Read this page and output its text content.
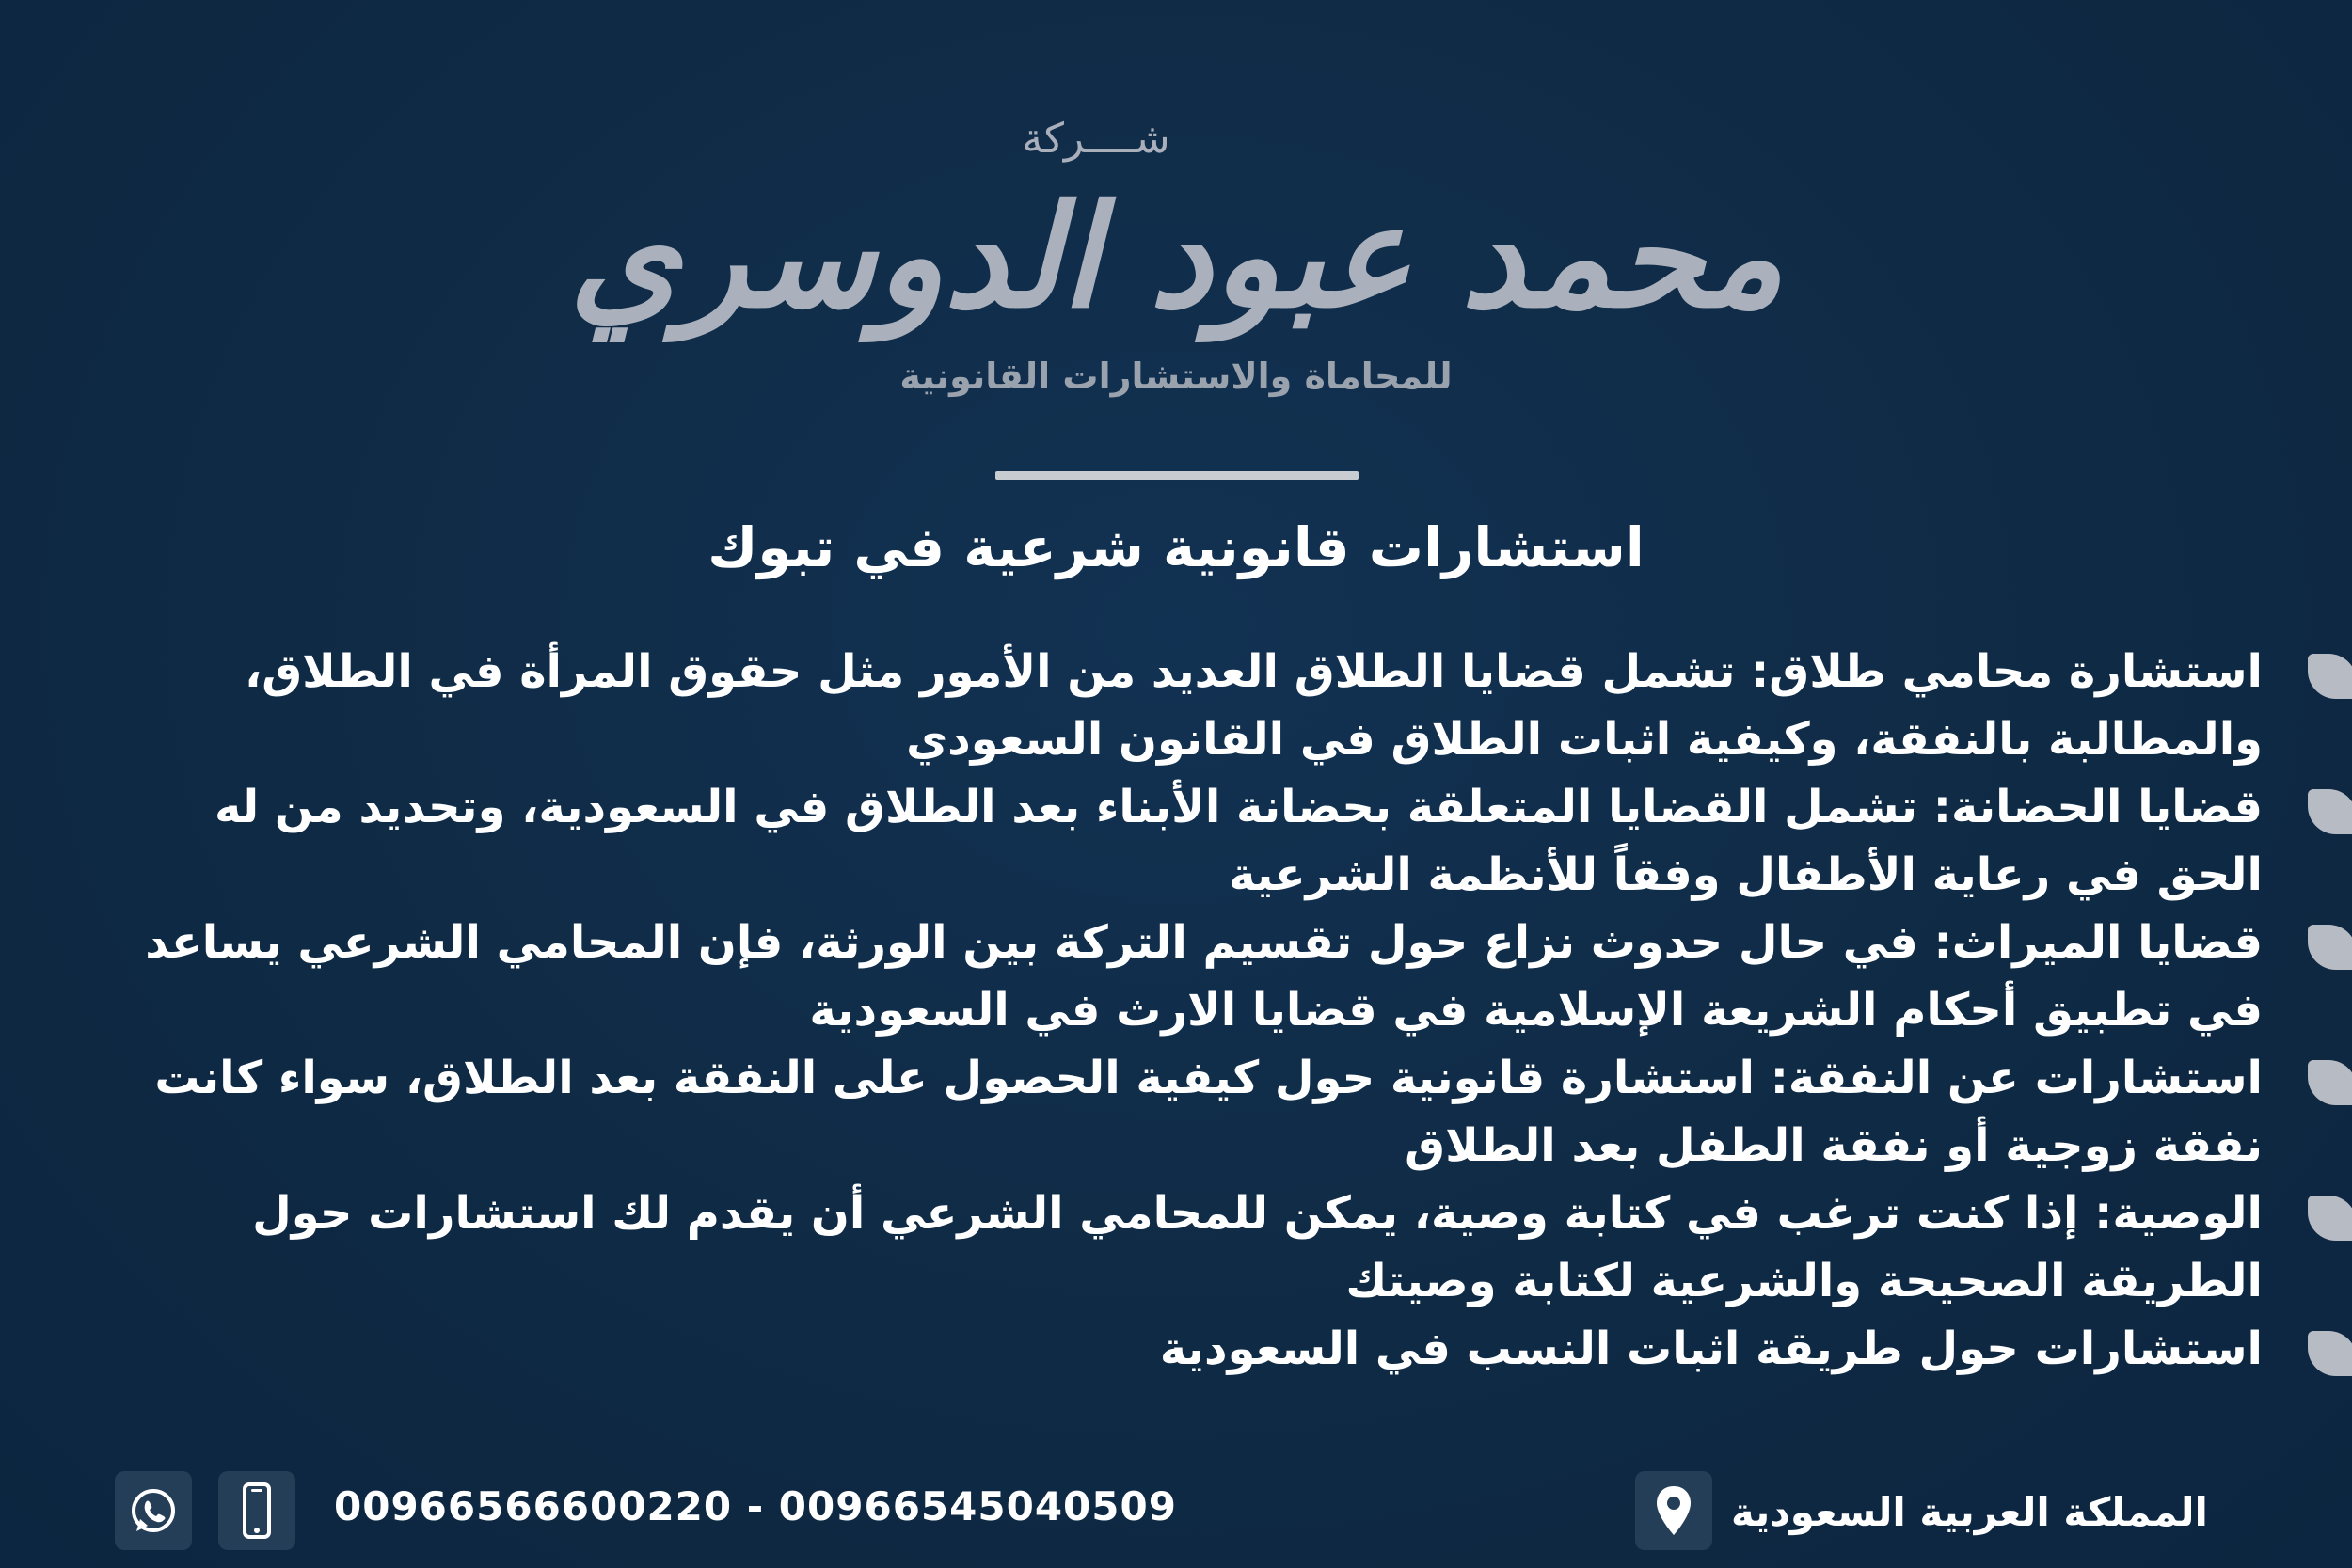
شــــركة
محمد عبود الدوسري
للمحاماة والاستشارات القانونية
استشارات قانونية شرعية في تبوك
استشارة محامي طلاق: تشمل قضايا الطلاق العديد من الأمور مثل حقوق المرأة في الطلاق، والمطالبة بالنفقة، وكيفية اثبات الطلاق في القانون السعودي
قضايا الحضانة: تشمل القضايا المتعلقة بحضانة الأبناء بعد الطلاق في السعودية، وتحديد من له الحق في رعاية الأطفال وفقاً للأنظمة الشرعية
قضايا الميراث: في حال حدوث نزاع حول تقسيم التركة بين الورثة، فإن المحامي الشرعي يساعد في تطبيق أحكام الشريعة الإسلامية في قضايا الارث في السعودية
استشارات عن النفقة: استشارة قانونية حول كيفية الحصول على النفقة بعد الطلاق، سواء كانت نفقة زوجية أو نفقة الطفل بعد الطلاق
الوصية: إذا كنت ترغب في كتابة وصية، يمكن للمحامي الشرعي أن يقدم لك استشارات حول الطريقة الصحيحة والشرعية لكتابة وصيتك
استشارات حول طريقة اثبات النسب في السعودية
00966566600220 - 00966545040509	المملكة العربية السعودية
